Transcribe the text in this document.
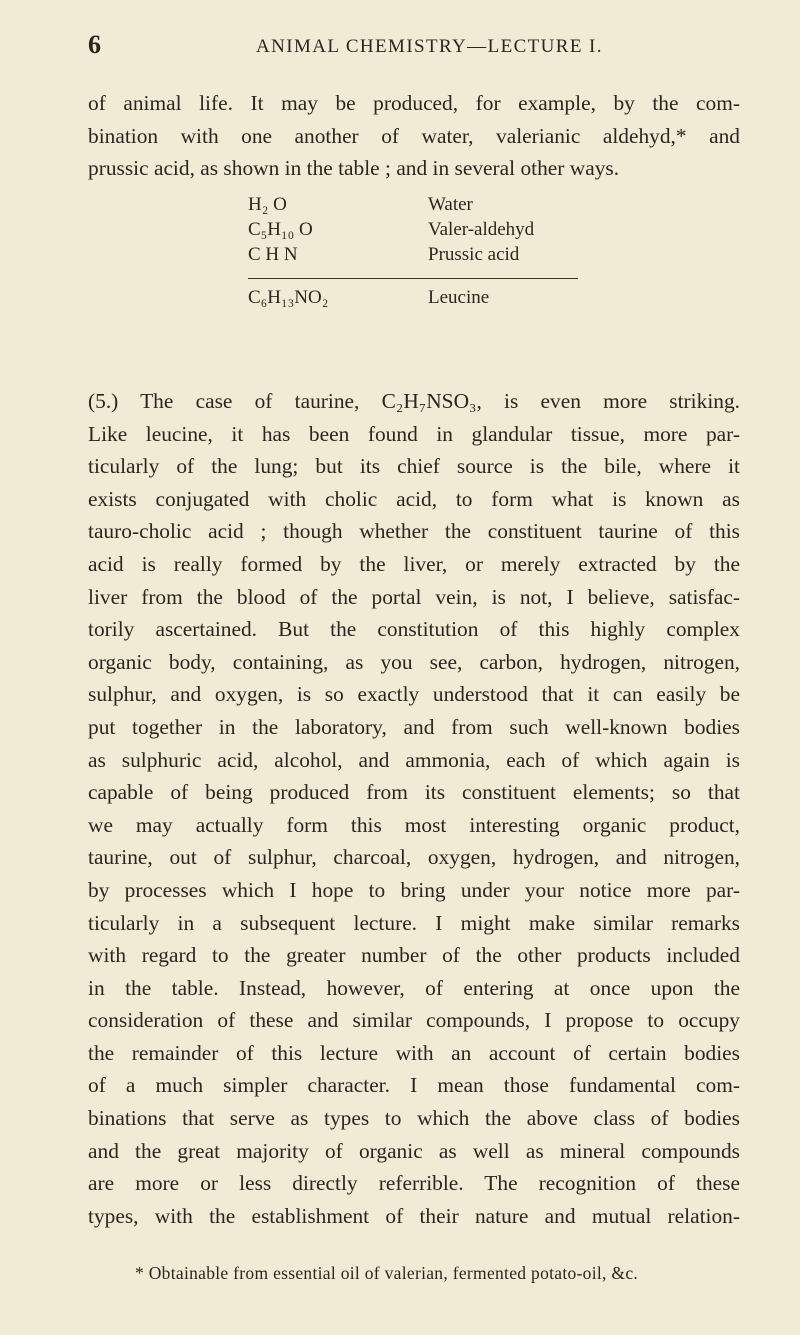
6	ANIMAL CHEMISTRY—LECTURE I.

of animal life. It may be produced, for example, by the com-
bination with one another of water, valerianic aldehyd,* and
prussic acid, as shown in the table ; and in several other ways.

H₂ O	Water
C₅H₁₀ O	Valer-aldehyd
C H N	Prussic acid
C₆H₁₃NO₂	Leucine

(5.) The case of taurine, C₂H₇NSO₃, is even more striking.
Like leucine, it has been found in glandular tissue, more par-
ticularly of the lung; but its chief source is the bile, where it
exists conjugated with cholic acid, to form what is known as
tauro-cholic acid ; though whether the constituent taurine of this
acid is really formed by the liver, or merely extracted by the
liver from the blood of the portal vein, is not, I believe, satisfac-
torily ascertained. But the constitution of this highly complex
organic body, containing, as you see, carbon, hydrogen, nitrogen,
sulphur, and oxygen, is so exactly understood that it can easily be
put together in the laboratory, and from such well-known bodies
as sulphuric acid, alcohol, and ammonia, each of which again is
capable of being produced from its constituent elements; so that
we may actually form this most interesting organic product,
taurine, out of sulphur, charcoal, oxygen, hydrogen, and nitrogen,
by processes which I hope to bring under your notice more par-
ticularly in a subsequent lecture. I might make similar remarks
with regard to the greater number of the other products included
in the table. Instead, however, of entering at once upon the
consideration of these and similar compounds, I propose to occupy
the remainder of this lecture with an account of certain bodies
of a much simpler character. I mean those fundamental com-
binations that serve as types to which the above class of bodies
and the great majority of organic as well as mineral compounds
are more or less directly referrible. The recognition of these
types, with the establishment of their nature and mutual relation-

* Obtainable from essential oil of valerian, fermented potato-oil, &c.
